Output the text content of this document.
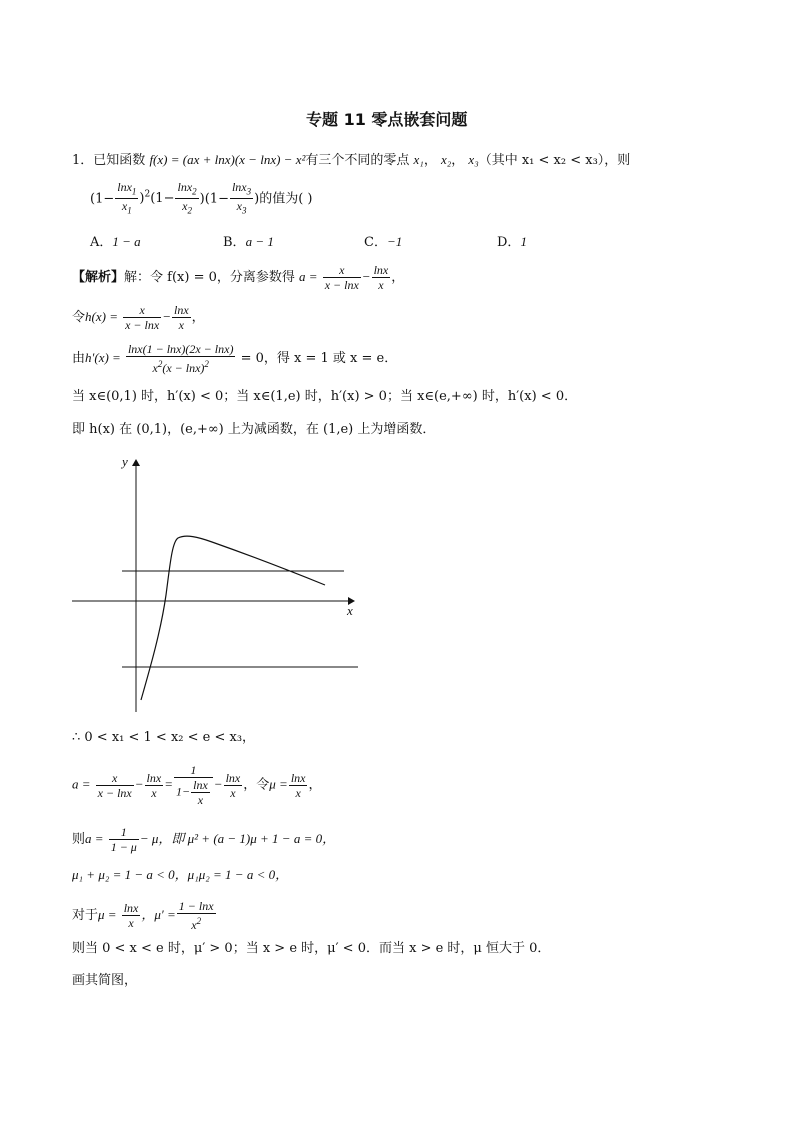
专题 11 零点嵌套问题
1．已知函数 f(x) = (ax + lnx)(x − lnx) − x²有三个不同的零点 x₁， x₂， x₃（其中 x₁ < x₂ < x₃），则
$(1- \frac{\ln x_1}{x_1} )^2(1- \frac{\ln x_2}{x_2} )(1- \frac{\ln x_3}{x_3}$ )的值为( )
A．1 − a	B．a − 1	C．−1	D．1
【解析】解：令 f(x) = 0，分离参数得 $a = \frac{x}{x - \ln x} - \frac{\ln x}{x}$ ，
令$h(x) = \frac{x}{x - \ln x} - \frac{\ln x}{x}$ ，
由$h'(x) = \frac{\ln x(1 - \ln x)(2x - \ln x)}{x^2(x - \ln x)^2} = 0$，得 x = 1 或 x = e．
当 x∈(0,1) 时，h′(x) < 0；当 x∈(1,e) 时，h′(x) > 0；当 x∈(e,+∞) 时，h′(x) < 0．
即 h(x) 在 (0,1)，(e,+∞) 上为减函数，在 (1,e) 上为增函数．
x
y
∴ 0 < x₁ < 1 < x₂ < e < x₃，
$a = \frac{x}{x - \ln x} - \frac{\ln x}{x} = \frac{1}{1- \frac{\ln x}{x}} - \frac{\ln x}{x}$ ，令$\mu = \frac{\ln x}{x}$ ，
则$a = \frac{1}{1 - \mu} - \mu$，即 μ² + (a − 1)μ + 1 − a = 0，
μ₁ + μ₂ = 1 − a < 0，μ₁μ₂ = 1 − a < 0，
对于$\mu = \frac{\ln x}{x}$ ，$\mu' = \frac{1 - \ln x}{x^2}$
则当 0 < x < e 时，μ′ > 0；当 x > e 时，μ′ < 0．而当 x > e 时，μ 恒大于 0．
画其简图，
